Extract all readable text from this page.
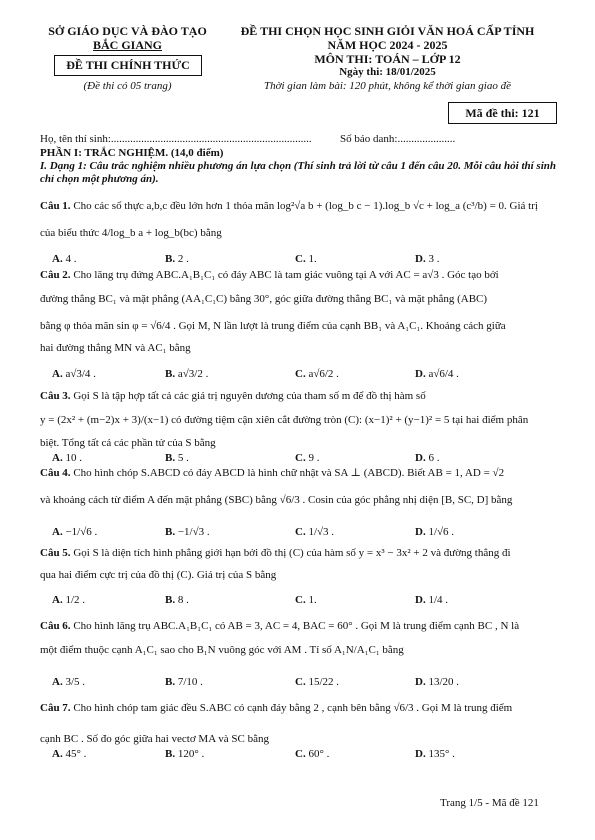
SỞ GIÁO DỤC VÀ ĐÀO TẠO
BẮC GIANG
ĐỀ THI CHÍNH THỨC
(Đề thi có 05 trang)
ĐỀ THI CHỌN HỌC SINH GIỎI VĂN HOÁ CẤP TỈNH
NĂM HỌC 2024 - 2025
MÔN THI: TOÁN – LỚP 12
Ngày thi: 18/01/2025
Thời gian làm bài: 120 phút, không kể thời gian giao đề
Mã đề thi: 121
Họ, tên thí sinh:.........................................................................	Số báo danh:.....................
PHẦN I: TRẮC NGHIỆM. (14,0 điểm)
I. Dạng 1: Câu trắc nghiệm nhiều phương án lựa chọn (Thí sinh trả lời từ câu 1 đến câu 20. Mỗi câu hỏi thí sinh chỉ chọn một phương án).
Câu 1. Cho các số thực a,b,c đều lớn hơn 1 thỏa mãn log²√a b + (log_b c − 1).log_b √c + log_a (c³/b) = 0. Giá trị
của biểu thức 4/log_b a + log_b(bc) bằng
A. 4 .	B. 2 .	C. 1.	D. 3 .
Câu 2. Cho lăng trụ đứng ABC.A₁B₁C₁ có đáy ABC là tam giác vuông tại A với AC = a√3 . Góc tạo bởi
đường thẳng BC₁ và mặt phẳng (AA₁C₁C) bằng 30°, góc giữa đường thẳng BC₁ và mặt phẳng (ABC)
bằng φ thỏa mãn sin φ = √6/4 . Gọi M, N lần lượt là trung điểm của cạnh BB₁ và A₁C₁. Khoảng cách giữa
hai đường thẳng MN và AC₁ bằng
A. a√3/4 .	B. a√3/2 .	C. a√6/2 .	D. a√6/4 .
Câu 3. Gọi S là tập hợp tất cả các giá trị nguyên dương của tham số m để đồ thị hàm số
y = (2x² + (m−2)x + 3)/(x−1) có đường tiệm cận xiên cắt đường tròn (C): (x−1)² + (y−1)² = 5 tại hai điểm phân
biệt. Tổng tất cả các phần tử của S bằng
A. 10 .	B. 5 .	C. 9 .	D. 6 .
Câu 4. Cho hình chóp S.ABCD có đáy ABCD là hình chữ nhật và SA ⊥ (ABCD). Biết AB = 1, AD = √2
và khoảng cách từ điểm A đến mặt phẳng (SBC) bằng √6/3 . Cosin của góc phẳng nhị diện [B, SC, D] bằng
A. −1/√6 .	B. −1/√3 .	C. 1/√3 .	D. 1/√6 .
Câu 5. Gọi S là diện tích hình phẳng giới hạn bởi đồ thị (C) của hàm số y = x³ − 3x² + 2 và đường thẳng đi
qua hai điểm cực trị của đồ thị (C). Giá trị của S bằng
A. 1/2 .	B. 8 .	C. 1.	D. 1/4 .
Câu 6. Cho hình lăng trụ ABC.A₁B₁C₁ có AB = 3, AC = 4, BAC = 60° . Gọi M là trung điểm cạnh BC , N là
một điểm thuộc cạnh A₁C₁ sao cho B₁N vuông góc với AM . Tỉ số A₁N/A₁C₁ bằng
A. 3/5 .	B. 7/10 .	C. 15/22 .	D. 13/20 .
Câu 7. Cho hình chóp tam giác đều S.ABC có cạnh đáy bằng 2 , cạnh bên bằng √6/3 . Gọi M là trung điểm
cạnh BC . Số đo góc giữa hai vectơ MA và SC bằng
A. 45° .	B. 120° .	C. 60° .	D. 135° .
Trang 1/5 - Mã đề 121
